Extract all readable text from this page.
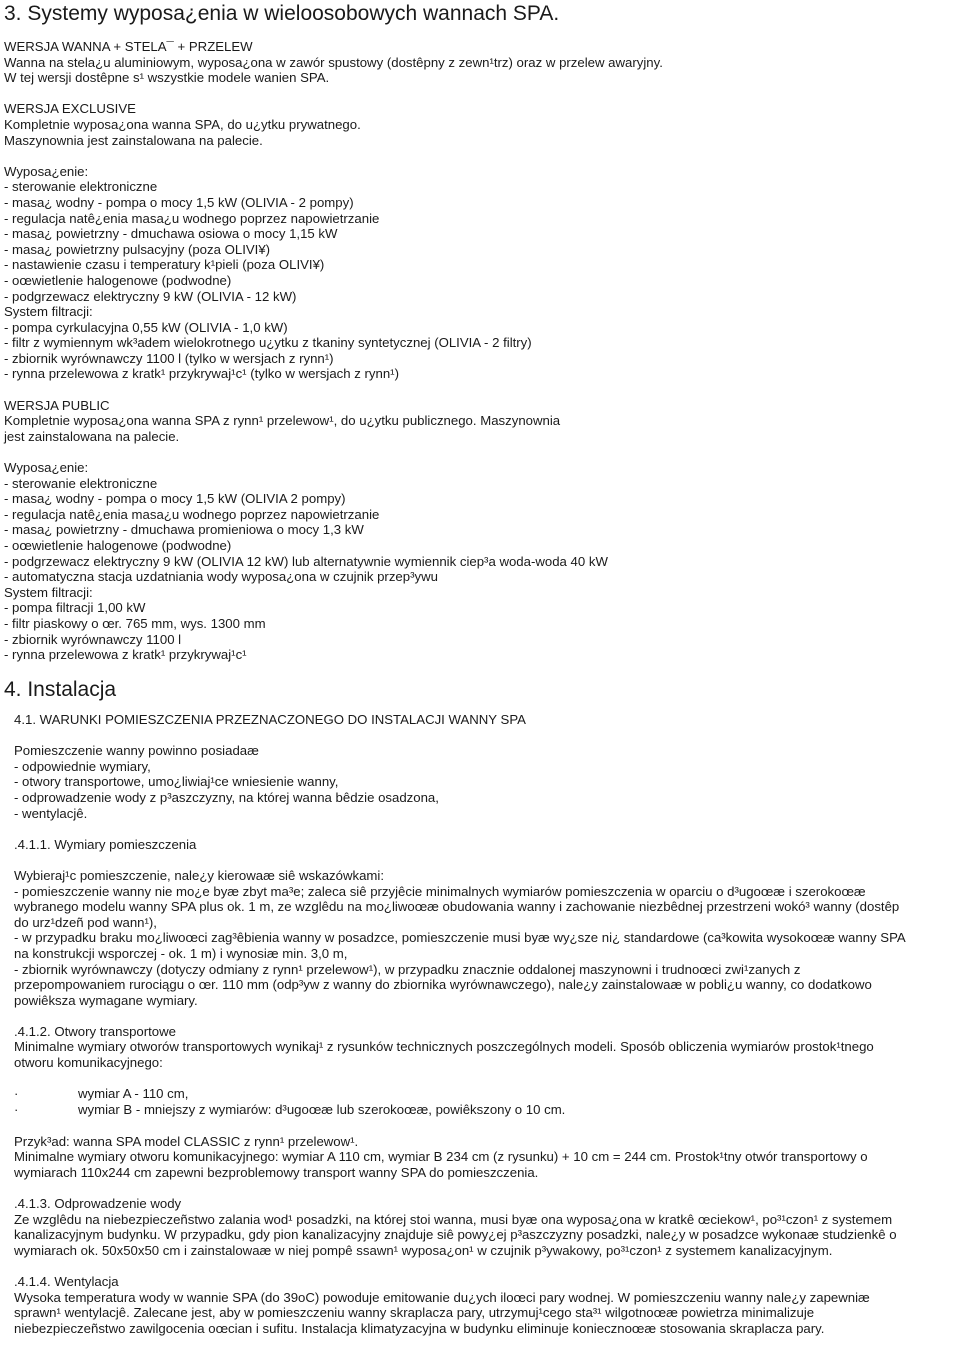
3. Systemy wyposa¿enia w wieloosobowych wannach SPA.
WERSJA WANNA + STELA¯ + PRZELEW
Wanna na stela¿u aluminiowym, wyposa¿ona w zawór spustowy (dostêpny z zewn¹trz) oraz w przelew awaryjny.
W tej wersji dostêpne s¹ wszystkie modele wanien SPA.
WERSJA EXCLUSIVE
Kompletnie wyposa¿ona wanna SPA, do u¿ytku prywatnego.
Maszynownia jest zainstalowana na palecie.
Wyposa¿enie:
- sterowanie elektroniczne
- masa¿ wodny - pompa o mocy 1,5 kW (OLIVIA - 2 pompy)
- regulacja natê¿enia masa¿u wodnego poprzez napowietrzanie
- masa¿ powietrzny - dmuchawa osiowa o mocy 1,15 kW
- masa¿ powietrzny pulsacyjny (poza OLIVI¥)
- nastawienie czasu i temperatury k¹pieli (poza OLIVI¥)
- oœwietlenie halogenowe (podwodne)
- podgrzewacz elektryczny 9 kW (OLIVIA - 12 kW)
System filtracji:
- pompa cyrkulacyjna 0,55 kW (OLIVIA - 1,0 kW)
- filtr z wymiennym wk³adem wielokrotnego u¿ytku z tkaniny syntetycznej (OLIVIA - 2 filtry)
- zbiornik wyrównawczy 1100 l (tylko w wersjach z rynn¹)
- rynna przelewowa z kratk¹ przykrywaj¹c¹ (tylko w wersjach z rynn¹)
WERSJA PUBLIC
Kompletnie wyposa¿ona wanna SPA z rynn¹ przelewow¹, do u¿ytku publicznego. Maszynownia
jest zainstalowana na palecie.
Wyposa¿enie:
- sterowanie elektroniczne
- masa¿ wodny - pompa o mocy 1,5 kW (OLIVIA 2 pompy)
- regulacja natê¿enia masa¿u wodnego poprzez napowietrzanie
- masa¿ powietrzny - dmuchawa promieniowa o mocy 1,3 kW
- oœwietlenie halogenowe (podwodne)
- podgrzewacz elektryczny 9 kW (OLIVIA 12 kW) lub alternatywnie wymiennik ciep³a woda-woda 40 kW
- automatyczna stacja uzdatniania wody wyposa¿ona w czujnik przep³ywu
System filtracji:
- pompa filtracji 1,00 kW
- filtr piaskowy o œr. 765 mm, wys. 1300 mm
- zbiornik wyrównawczy 1100 l
- rynna przelewowa z kratk¹ przykrywaj¹c¹
4. Instalacja
4.1. WARUNKI POMIESZCZENIA PRZEZNACZONEGO DO INSTALACJI WANNY SPA
Pomieszczenie wanny powinno posiadaæ
- odpowiednie wymiary,
- otwory transportowe, umo¿liwiaj¹ce wniesienie wanny,
- odprowadzenie wody z p³aszczyzny, na której wanna bêdzie osadzona,
- wentylacjê.
.4.1.1. Wymiary pomieszczenia
Wybieraj¹c pomieszczenie, nale¿y kierowaæ siê wskazówkami:
- pomieszczenie wanny nie mo¿e byæ zbyt ma³e; zaleca siê przyjêcie minimalnych wymiarów pomieszczenia w oparciu o d³ugoœæ i szerokoœæ
wybranego modelu wanny SPA plus ok. 1 m, ze wzglêdu na mo¿liwoœæ obudowania wanny i zachowanie niezbêdnej przestrzeni wokó³ wanny (dostêp
do urz¹dzeñ pod wann¹),
- w przypadku braku mo¿liwoœci zag³êbienia wanny w posadzce, pomieszczenie musi byæ wy¿sze ni¿ standardowe (ca³kowita wysokoœæ wanny SPA
na konstrukcji wsporczej - ok. 1 m) i wynosiæ min. 3,0 m,
- zbiornik wyrównawczy (dotyczy odmiany z rynn¹ przelewow¹), w przypadku znacznie oddalonej maszynowni i trudnoœci zwi¹zanych z
przepompowaniem rurociągu o œr. 110 mm (odp³yw z wanny do zbiornika wyrównawczego), nale¿y zainstalowaæ w pobli¿u wanny, co dodatkowo
powiêksza wymagane wymiary.
.4.1.2. Otwory transportowe
Minimalne wymiary otworów transportowych wynikaj¹ z rysunków technicznych poszczególnych modeli. Sposób obliczenia wymiarów prostok¹tnego
otworu komunikacyjnego:
·	wymiar A - 110 cm,
·	wymiar B - mniejszy z wymiarów: d³ugoœæ lub szerokoœæ, powiêkszony o 10 cm.
Przyk³ad: wanna SPA model CLASSIC z rynn¹ przelewow¹.
Minimalne wymiary otworu komunikacyjnego: wymiar A 110 cm, wymiar B 234 cm (z rysunku) + 10 cm = 244 cm. Prostok¹tny otwór transportowy o
wymiarach 110x244 cm zapewni bezproblemowy transport wanny SPA do pomieszczenia.
.4.1.3. Odprowadzenie wody
Ze wzglêdu na niebezpieczeñstwo zalania wod¹ posadzki, na której stoi wanna, musi byæ ona wyposa¿ona w kratkê œciekow¹, po³¹czon¹ z systemem
kanalizacyjnym budynku. W przypadku, gdy pion kanalizacyjny znajduje siê powy¿ej p³aszczyzny posadzki, nale¿y w posadzce wykonaæ studzienkê o
wymiarach ok. 50x50x50 cm i zainstalowaæ w niej pompê ssawn¹ wyposa¿on¹ w czujnik p³ywakowy, po³¹czon¹ z systemem kanalizacyjnym.
.4.1.4. Wentylacja
Wysoka temperatura wody w wannie SPA (do 39oC) powoduje emitowanie du¿ych iloœci pary wodnej. W pomieszczeniu wanny nale¿y zapewniæ
sprawn¹ wentylacjê. Zalecane jest, aby w pomieszczeniu wanny skraplacza pary, utrzymuj¹cego sta³¹ wilgotnoœæ powietrza minimalizuje
niebezpieczeñstwo zawilgocenia oœcian i sufitu. Instalacja klimatyzacyjna w budynku eliminuje koniecznoœæ stosowania skraplacza pary.
